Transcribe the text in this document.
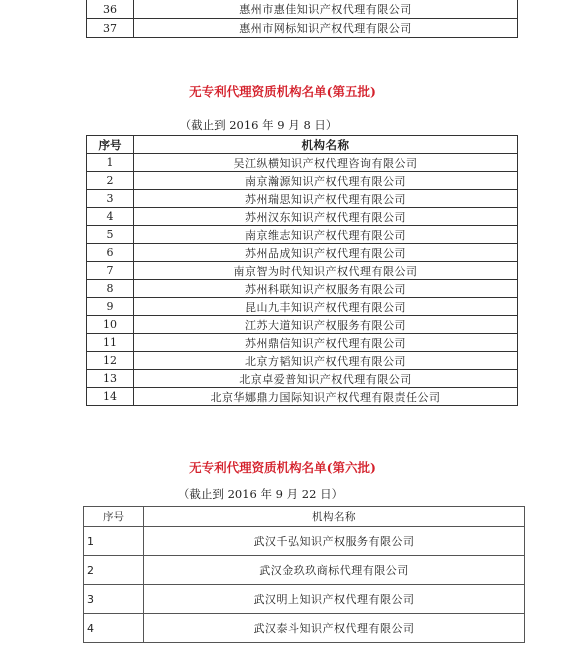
36	惠州市惠佳知识产权代理有限公司
37	惠州市网标知识产权代理有限公司
无专利代理资质机构名单(第五批)
（截止到 2016 年 9 月 8 日）
序号	机构名称
1	吴江纵横知识产权代理咨询有限公司
2	南京瀚源知识产权代理有限公司
3	苏州瑞思知识产权代理有限公司
4	苏州汉东知识产权代理有限公司
5	南京维志知识产权代理有限公司
6	苏州品成知识产权代理有限公司
7	南京智为时代知识产权代理有限公司
8	苏州科联知识产权服务有限公司
9	昆山九丰知识产权代理有限公司
10	江苏大道知识产权服务有限公司
11	苏州鼎信知识产权代理有限公司
12	北京方韬知识产权代理有限公司
13	北京卓爱普知识产权代理有限公司
14	北京华娜鼎力国际知识产权代理有限责任公司
无专利代理资质机构名单(第六批)
（截止到 2016 年 9 月 22 日）
序号	机构名称
1	武汉千弘知识产权服务有限公司
2	武汉金玖玖商标代理有限公司
3	武汉明上知识产权代理有限公司
4	武汉泰斗知识产权代理有限公司
